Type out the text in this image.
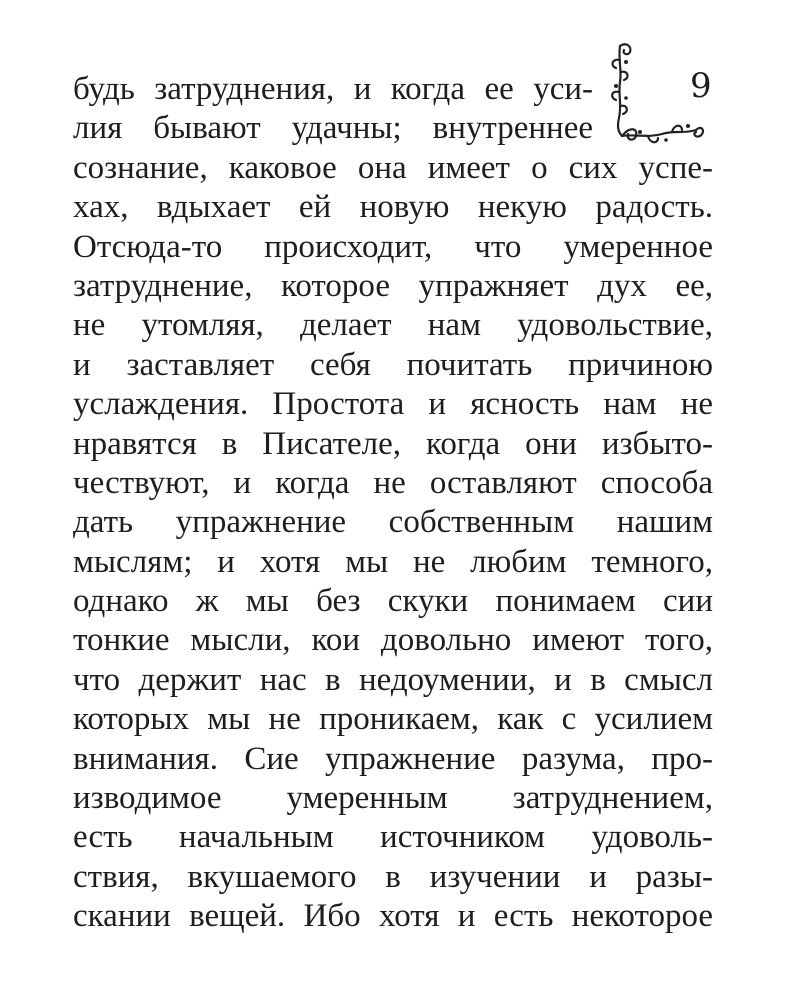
9
будь затруднения, и когда ее уси-
лия бывают удачны; внутреннее
сознание, каковое она имеет о сих успе-
хах, вдыхает ей новую некую радость.
Отсюда-то происходит, что умеренное
затруднение, которое упражняет дух ее,
не утомляя, делает нам удовольствие,
и заставляет себя почитать причиною
услаждения. Простота и ясность нам не
нравятся в Писателе, когда они избыто-
чествуют, и когда не оставляют способа
дать упражнение собственным нашим
мыслям; и хотя мы не любим темного,
однако ж мы без скуки понимаем сии
тонкие мысли, кои довольно имеют того,
что держит нас в недоумении, и в смысл
которых мы не проникаем, как с усилием
внимания. Сие упражнение разума, про-
изводимое умеренным затруднением,
есть начальным источником удоволь-
ствия, вкушаемого в изучении и разы-
скании вещей. Ибо хотя и есть некоторое
